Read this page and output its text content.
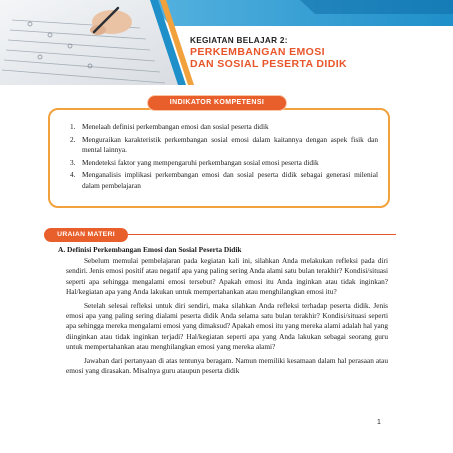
KEGIATAN BELAJAR 2:
PERKEMBANGAN EMOSI
DAN SOSIAL PESERTA DIDIK
INDIKATOR KOMPETENSI
1. Menelaah definisi perkembangan emosi dan sosial peserta didik
2. Menguraikan karakteristik perkembangan sosial emosi dalam kaitannya dengan aspek fisik dan mental lainnya.
3. Mendeteksi faktor yang mempengaruhi perkembangan sosial emosi peserta didik
4. Menganalisis implikasi perkembangan emosi dan sosial peserta didik sebagai generasi milenial dalam pembelajaran
URAIAN MATERI
A. Definisi Perkembangan Emosi dan Sosial Peserta Didik

Sebelum memulai pembelajaran pada kegiatan kali ini, silahkan Anda melakukan refleksi pada diri sendiri. Jenis emosi positif atau negatif apa yang paling sering Anda alami satu bulan terakhir? Kondisi/situasi seperti apa sehingga mengalami emosi tersebut? Apakah emosi itu Anda inginkan atau tidak inginkan? Hal/kegiatan apa yang Anda lakukan untuk mempertahankan atau menghilangkan emosi itu?

Setelah selesai refleksi untuk diri sendiri, maka silahkan Anda refleksi terhadap peserta didik. Jenis emosi apa yang paling sering dialami peserta didik Anda selama satu bulan terakhir? Kondisi/situasi seperti apa sehingga mereka mengalami emosi yang dimaksud? Apakah emosi itu yang mereka alami adalah hal yang diinginkan atau tidak inginkan terjadi? Hal/kegiatan seperti apa yang Anda lakukan sebagai seorang guru untuk mempertahankan atau menghilangkan emosi yang mereka alami?

Jawaban dari pertanyaan di atas tentunya beragam. Namun memiliki kesamaan dalam hal perasaan atau emosi yang dirasakan. Misalnya guru ataupun peserta didik

1
